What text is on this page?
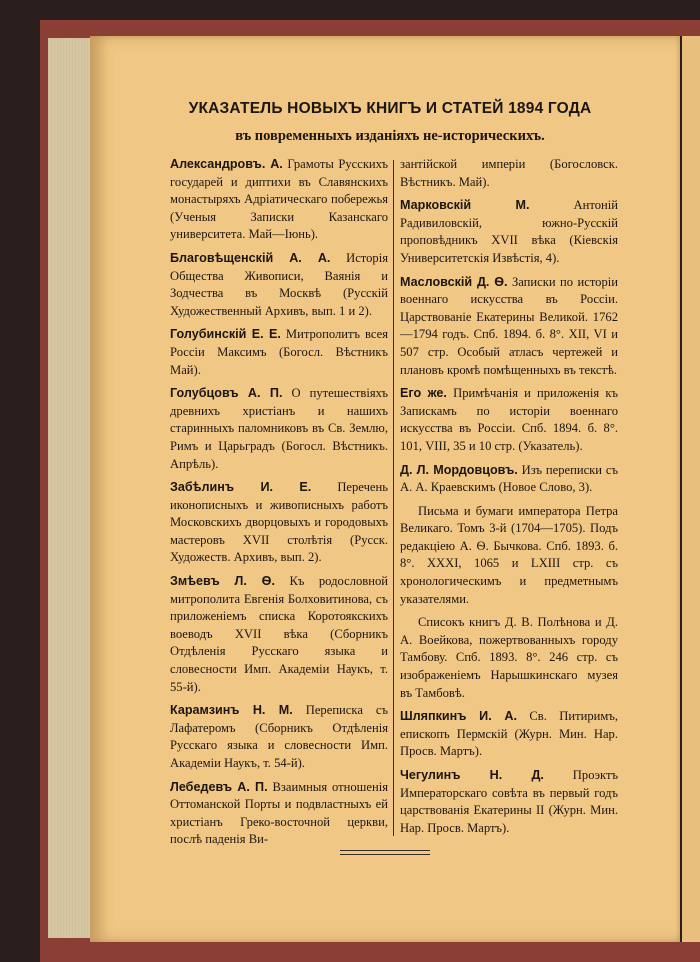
УКАЗАТЕЛЬ НОВЫХЪ КНИГЪ И СТАТЕЙ 1894 ГОДА
въ повременныхъ изданіяхъ не-историческихъ.
Александровъ. А. Грамоты Русскихъ государей и диптихи въ Славянскихъ монастыряхъ Адріатическаго побережья (Ученыя Записки Казанскаго университета. Май—Іюнь).
Благовѣщенскій А. А. Исторія Общества Живописи, Ваянія и Зодчества въ Москвѣ (Русскій Художественный Архивъ, вып. 1 и 2).
Голубинскій Е. Е. Митрополитъ всея Россіи Максимъ (Богосл. Вѣстникъ Май).
Голубцовъ А. П. О путешествіяхъ древнихъ христіанъ и нашихъ старинныхъ паломниковъ въ Св. Землю, Римъ и Царьградъ (Богосл. Вѣстникъ. Апрѣль).
Забѣлинъ И. Е. Перечень иконописныхъ и живописныхъ работъ Московскихъ дворцовыхъ и городовыхъ мастеровъ XVII столѣтія (Русск. Художеств. Архивъ, вып. 2).
Змѣевъ Л. Ѳ. Къ родословной митрополита Евгенія Болховитинова, съ приложеніемъ списка Коротоякскихъ воеводъ XVII вѣка (Сборникъ Отдѣленія Русскаго языка и словесности Имп. Академіи Наукъ, т. 55-й).
Карамзинъ Н. М. Переписка съ Лафатеромъ (Сборникъ Отдѣленія Русскаго языка и словесности Имп. Академіи Наукъ, т. 54-й).
Лебедевъ А. П. Взаимныя отношенія Оттоманской Порты и подвластныхъ ей христіанъ Греко-восточной церкви, послѣ паденія Ви-
зантійской имперіи (Богословск. Вѣстникъ. Май).
Марковскій М.	Антоній Радивиловскій, южно-Русскій проповѣдникъ XVII вѣка (Кіевскія Университетскія Извѣстія, 4).
Масловскій Д. Ѳ. Записки по исторіи военнаго искусства въ Россіи. Царствованіе Екатерины Великой. 1762—1794 годъ. Спб. 1894. б. 8°. XII, VI и 507 стр. Особый атласъ чертежей и плановъ кромѣ помѣщенныхъ въ текстѣ.
Его же. Примѣчанія и приложенія къ Запискамъ по исторіи военнаго искусства въ Россіи. Спб. 1894. б. 8°. 101, VIII, 35 и 10 стр. (Указатель).
Д. Л. Мордовцовъ. Изъ переписки съ А. А. Краевскимъ (Новое Слово, 3).
Письма и бумаги императора Петра Великаго. Томъ 3-й (1704—1705). Подъ редакціею А. Ѳ. Бычкова. Спб. 1893. б. 8°. XXXI, 1065 и LXIII стр. съ хронологическимъ и предметнымъ указателями.
Списокъ книгъ Д. В. Полѣнова и Д. А. Воейкова, пожертвованныхъ городу Тамбову. Спб. 1893. 8°. 246 стр. съ изображеніемъ Нарышкинскаго музея въ Тамбовѣ.
Шляпкинъ И. А. Св. Питиримъ, епископъ Пермскій (Журн. Мин. Нар. Просв. Мартъ).
Чегулинъ Н. Д. Проэктъ Императорскаго совѣта въ первый годъ царствованія Екатерины II (Журн. Мин. Нар. Просв. Мартъ).
